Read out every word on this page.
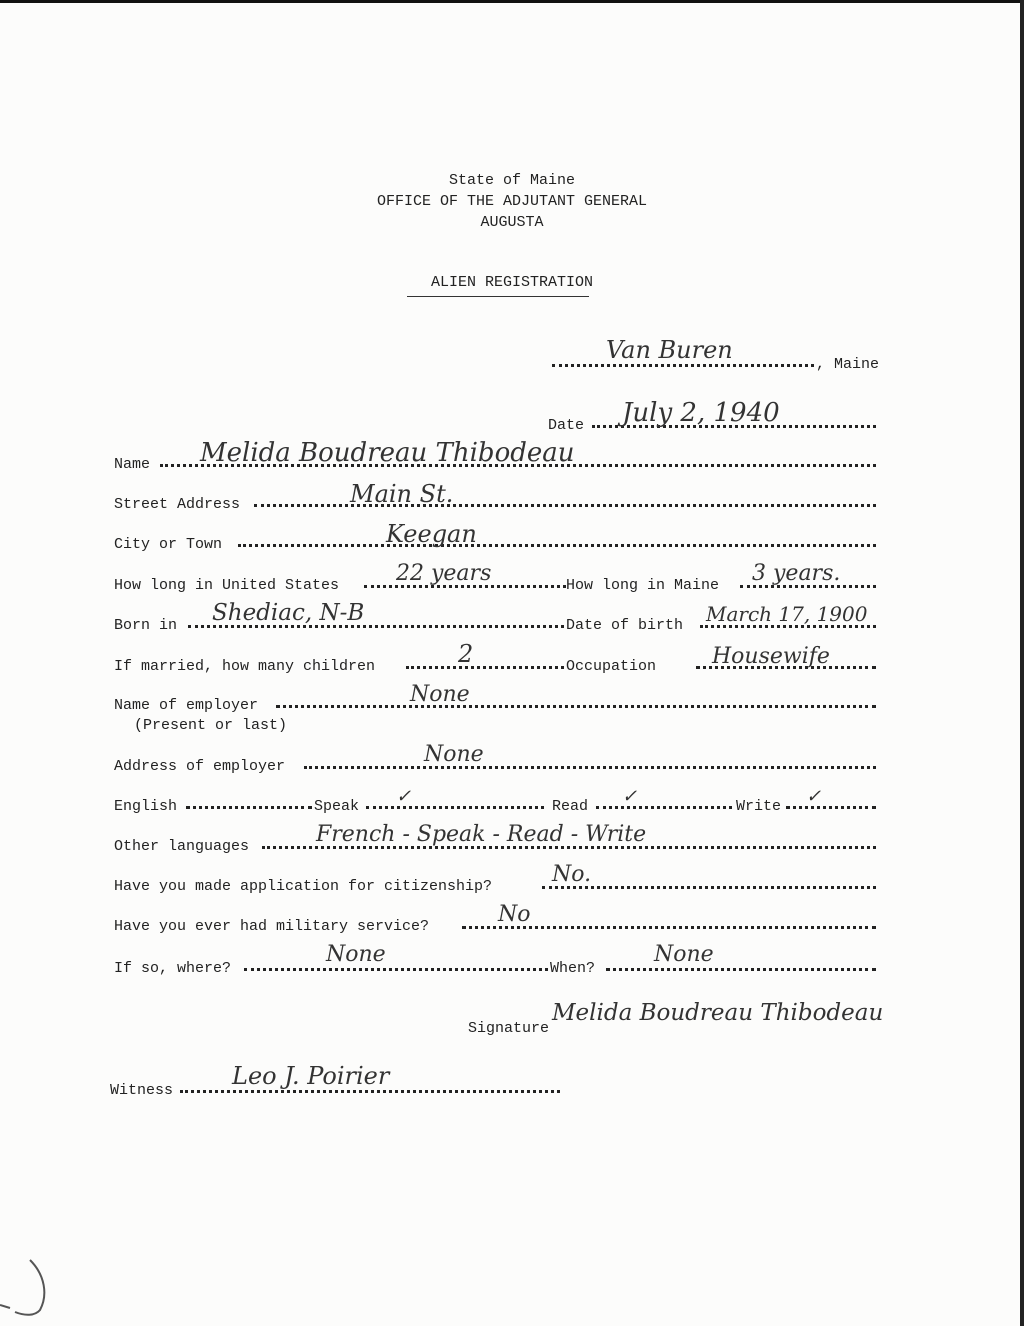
State of Maine
OFFICE OF THE ADJUTANT GENERAL
AUGUSTA
ALIEN REGISTRATION
Van Buren
, Maine
Date July 2, 1940
Name Melida Boudreau Thibodeau
Street Address	Main St.
City or Town	Keegan
How long in United States	22 years	How long in Maine 3 years.
Born in Shediac, N-B	Date of birth March 17, 1900
If married, how many children	2	Occupation	Housewife
Name of employer
(Present or last)
None
Address of employer	None
English	Speak ✓	Read ✓	Write ✓
Other languages	French - Speak - Read - Write
Have you made application for citizenship?	No.
Have you ever had military service?	No
If so, where?
None
When?
None
Signature
Melida Boudreau Thibodeau
Witness
Leo J. Poirier
